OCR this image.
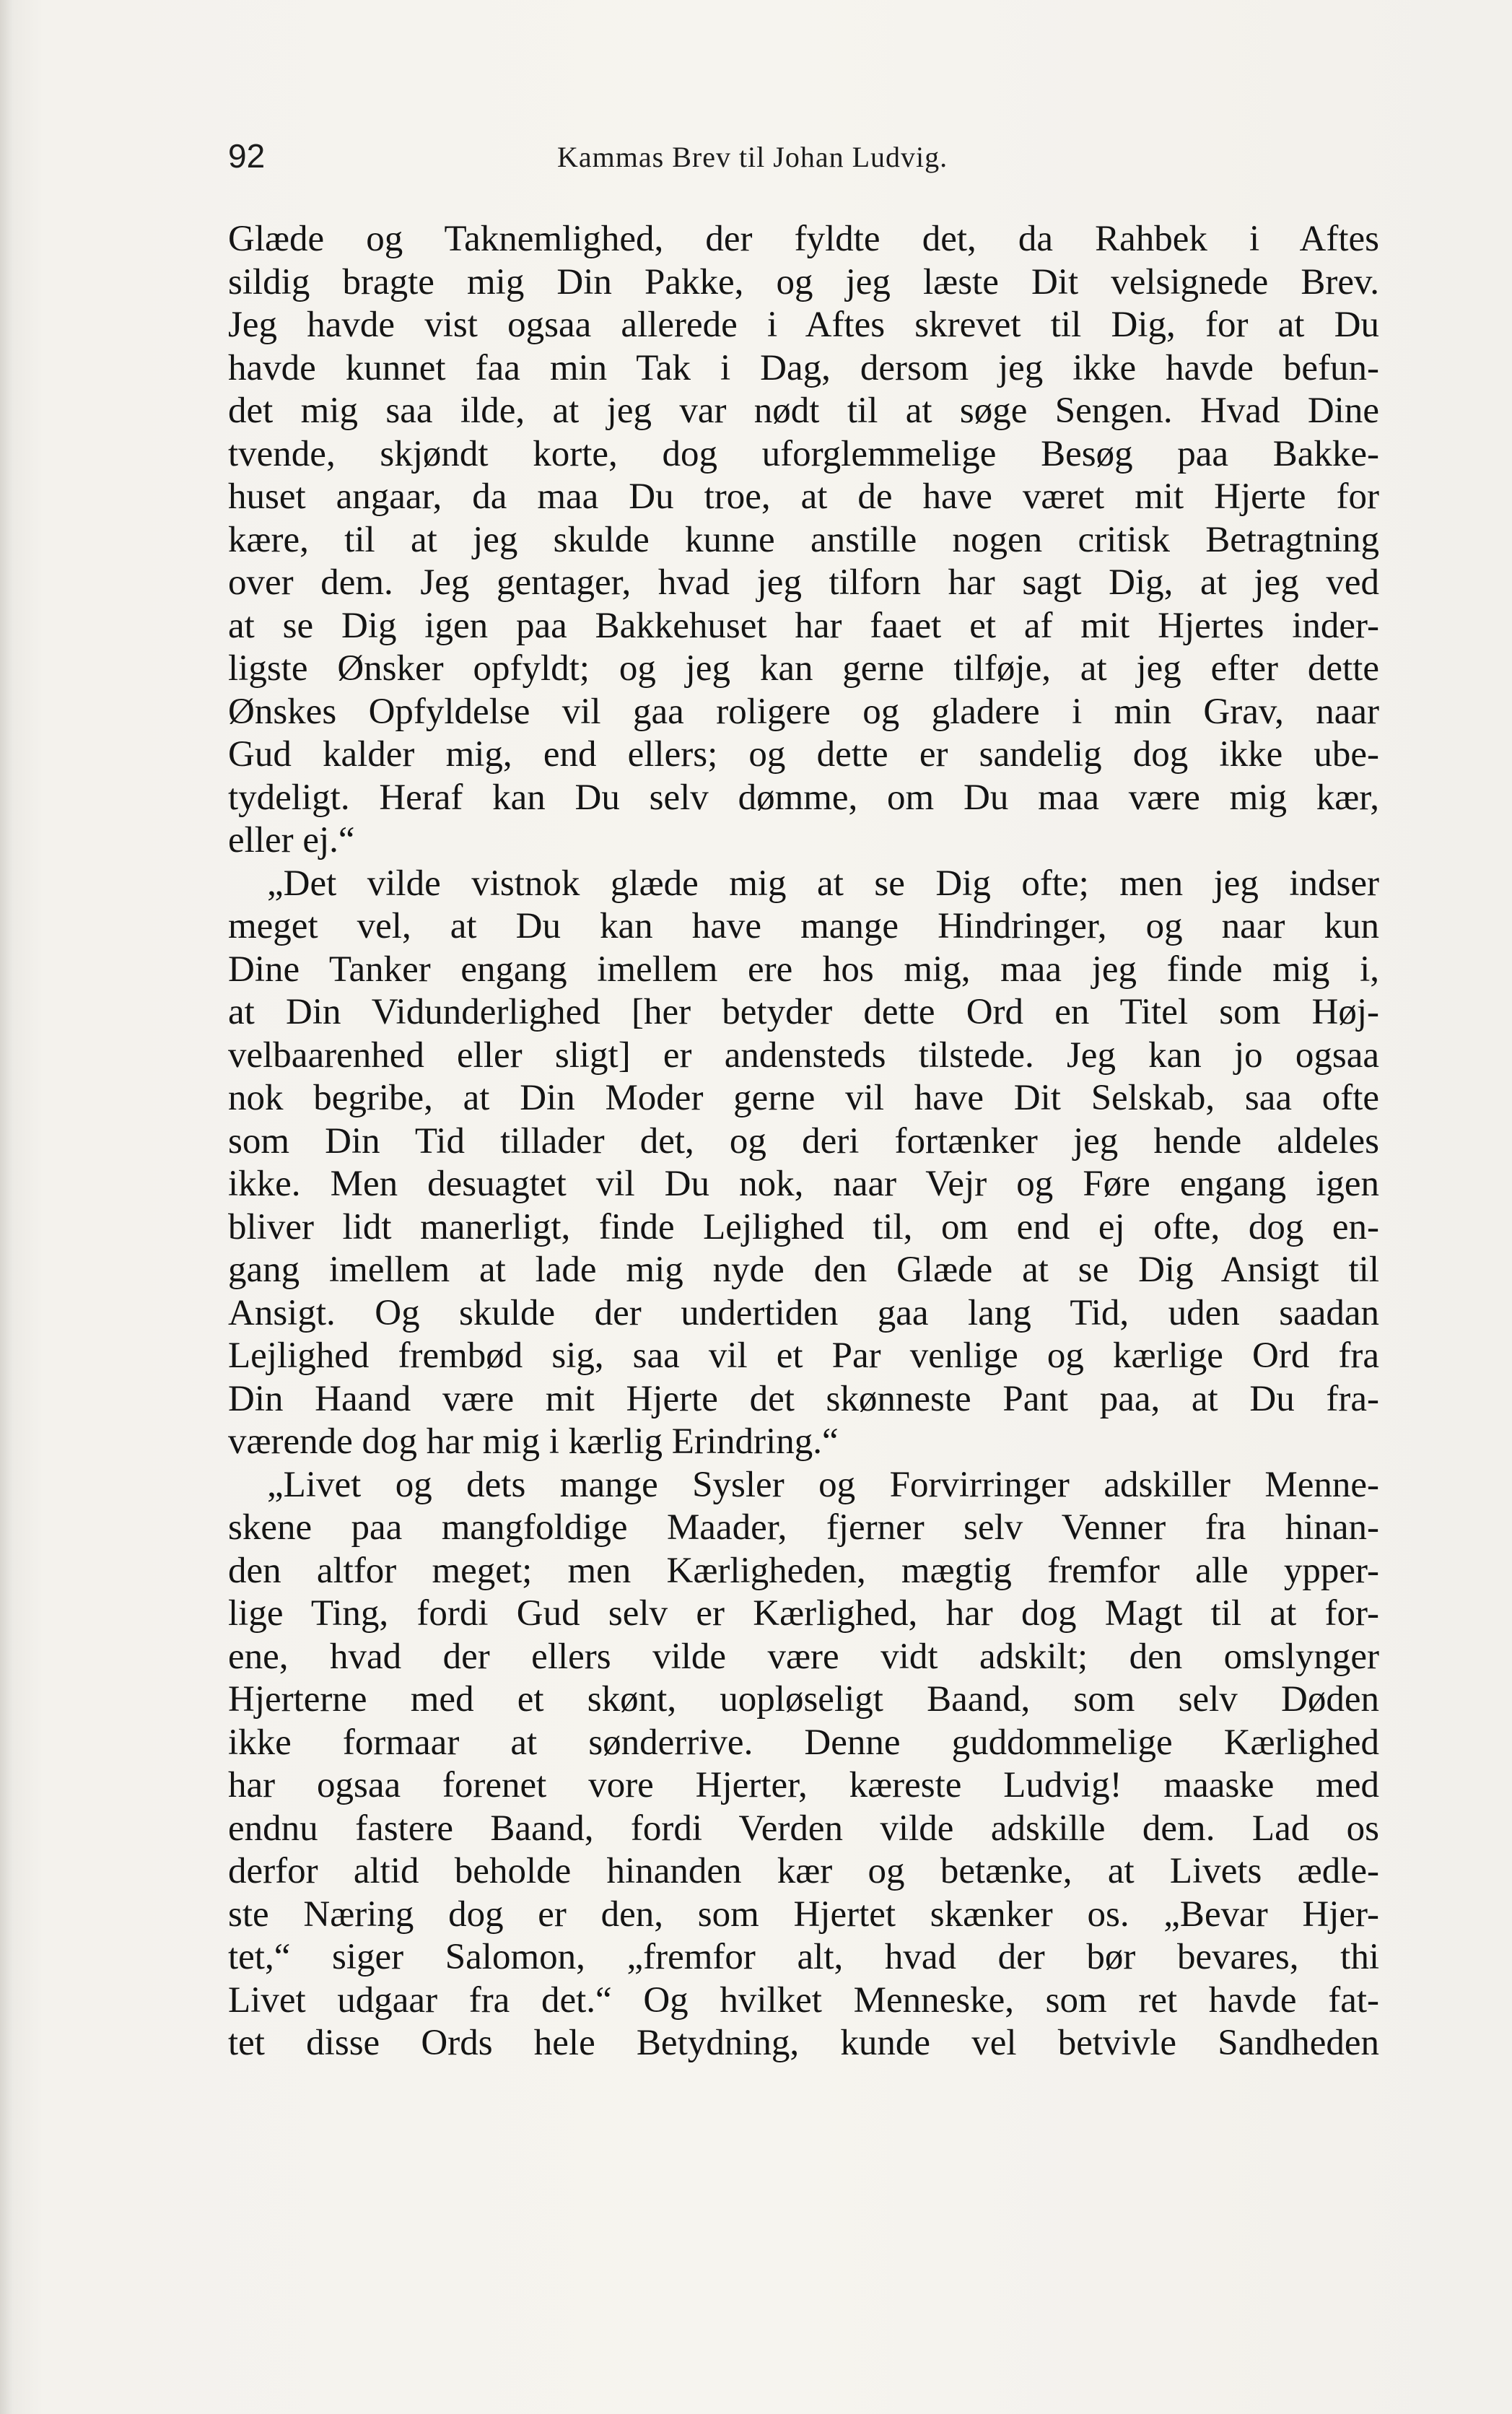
92	Kammas Brev til Johan Ludvig.
Glæde og Taknemlighed, der fyldte det, da Rahbek i Aftes
sildig bragte mig Din Pakke, og jeg læste Dit velsignede Brev.
Jeg havde vist ogsaa allerede i Aftes skrevet til Dig, for at Du
havde kunnet faa min Tak i Dag, dersom jeg ikke havde befun-
det mig saa ilde, at jeg var nødt til at søge Sengen. Hvad Dine
tvende, skjøndt korte, dog uforglemmelige Besøg paa Bakke-
huset angaar, da maa Du troe, at de have været mit Hjerte for
kære, til at jeg skulde kunne anstille nogen critisk Betragtning
over dem. Jeg gentager, hvad jeg tilforn har sagt Dig, at jeg ved
at se Dig igen paa Bakkehuset har faaet et af mit Hjertes inder-
ligste Ønsker opfyldt; og jeg kan gerne tilføje, at jeg efter dette
Ønskes Opfyldelse vil gaa roligere og gladere i min Grav, naar
Gud kalder mig, end ellers; og dette er sandelig dog ikke ube-
tydeligt. Heraf kan Du selv dømme, om Du maa være mig kær,
eller ej.“
„Det vilde vistnok glæde mig at se Dig ofte; men jeg indser
meget vel, at Du kan have mange Hindringer, og naar kun
Dine Tanker engang imellem ere hos mig, maa jeg finde mig i,
at Din Vidunderlighed [her betyder dette Ord en Titel som Høj-
velbaarenhed eller sligt] er andensteds tilstede. Jeg kan jo ogsaa
nok begribe, at Din Moder gerne vil have Dit Selskab, saa ofte
som Din Tid tillader det, og deri fortænker jeg hende aldeles
ikke. Men desuagtet vil Du nok, naar Vejr og Føre engang igen
bliver lidt manerligt, finde Lejlighed til, om end ej ofte, dog en-
gang imellem at lade mig nyde den Glæde at se Dig Ansigt til
Ansigt. Og skulde der undertiden gaa lang Tid, uden saadan
Lejlighed frembød sig, saa vil et Par venlige og kærlige Ord fra
Din Haand være mit Hjerte det skønneste Pant paa, at Du fra-
værende dog har mig i kærlig Erindring.“
„Livet og dets mange Sysler og Forvirringer adskiller Menne-
skene paa mangfoldige Maader, fjerner selv Venner fra hinan-
den altfor meget; men Kærligheden, mægtig fremfor alle ypper-
lige Ting, fordi Gud selv er Kærlighed, har dog Magt til at for-
ene, hvad der ellers vilde være vidt adskilt; den omslynger
Hjerterne med et skønt, uopløseligt Baand, som selv Døden
ikke formaar at sønderrive. Denne guddommelige Kærlighed
har ogsaa forenet vore Hjerter, kæreste Ludvig! maaske med
endnu fastere Baand, fordi Verden vilde adskille dem. Lad os
derfor altid beholde hinanden kær og betænke, at Livets ædle-
ste Næring dog er den, som Hjertet skænker os. „Bevar Hjer-
tet,“ siger Salomon, „fremfor alt, hvad der bør bevares, thi
Livet udgaar fra det.“ Og hvilket Menneske, som ret havde fat-
tet disse Ords hele Betydning, kunde vel betvivle Sandheden
